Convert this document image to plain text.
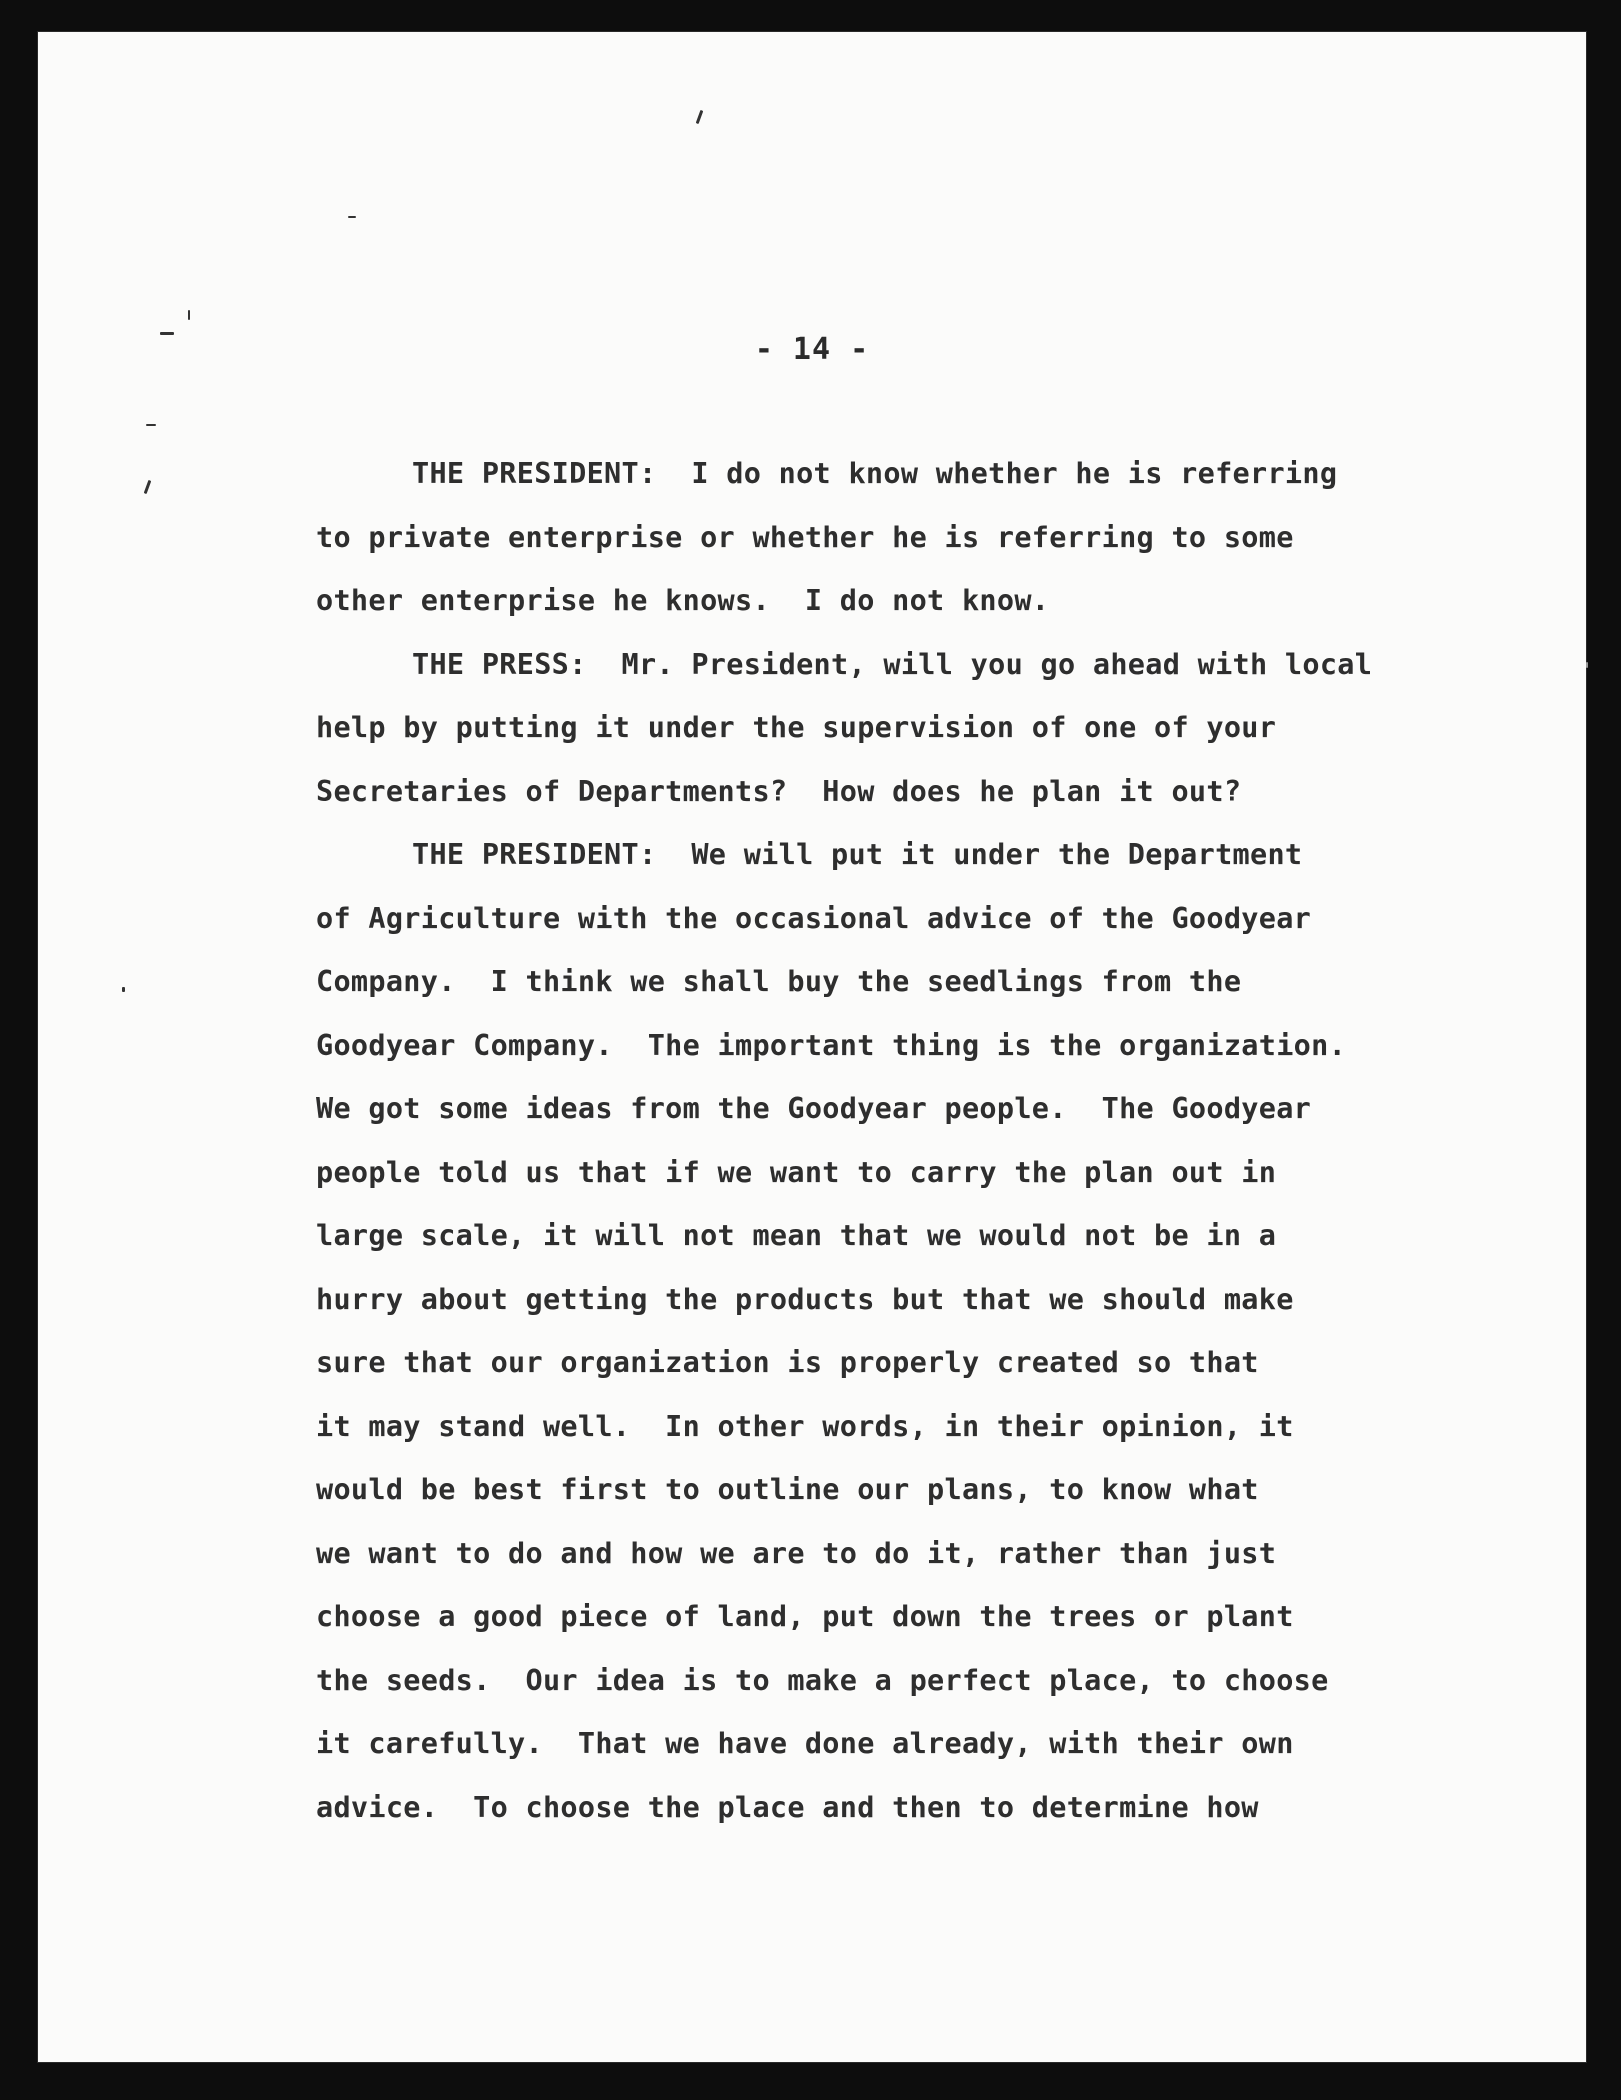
- 14 -
THE PRESIDENT:  I do not know whether he is referring
to private enterprise or whether he is referring to some
other enterprise he knows.  I do not know.
THE PRESS:  Mr. President, will you go ahead with local
help by putting it under the supervision of one of your
Secretaries of Departments?  How does he plan it out?
THE PRESIDENT:  We will put it under the Department
of Agriculture with the occasional advice of the Goodyear
Company.  I think we shall buy the seedlings from the
Goodyear Company.  The important thing is the organization.
We got some ideas from the Goodyear people.  The Goodyear
people told us that if we want to carry the plan out in
large scale, it will not mean that we would not be in a
hurry about getting the products but that we should make
sure that our organization is properly created so that
it may stand well.  In other words, in their opinion, it
would be best first to outline our plans, to know what
we want to do and how we are to do it, rather than just
choose a good piece of land, put down the trees or plant
the seeds.  Our idea is to make a perfect place, to choose
it carefully.  That we have done already, with their own
advice.  To choose the place and then to determine how
